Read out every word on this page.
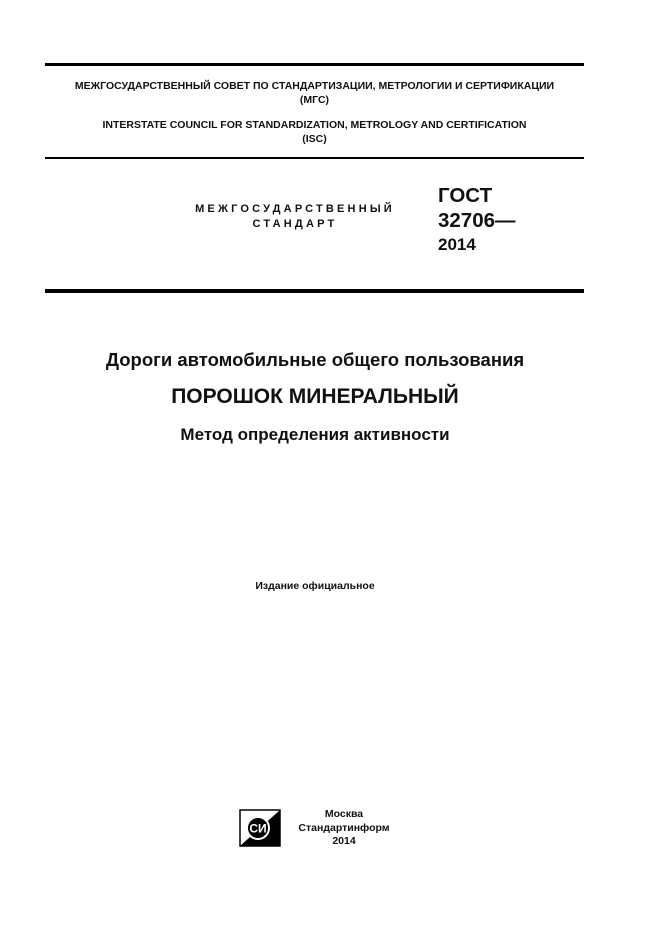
МЕЖГОСУДАРСТВЕННЫЙ СОВЕТ ПО СТАНДАРТИЗАЦИИ, МЕТРОЛОГИИ И СЕРТИФИКАЦИИ
(МГС)
INTERSTATE COUNCIL FOR STANDARDIZATION, METROLOGY AND CERTIFICATION
(ISC)
МЕЖГОСУДАРСТВЕННЫЙ
СТАНДАРТ
ГОСТ
32706—
2014
Дороги автомобильные общего пользования
ПОРОШОК МИНЕРАЛЬНЫЙ
Метод определения активности
Издание официальное
СИ
Москва
Стандартинформ
2014
